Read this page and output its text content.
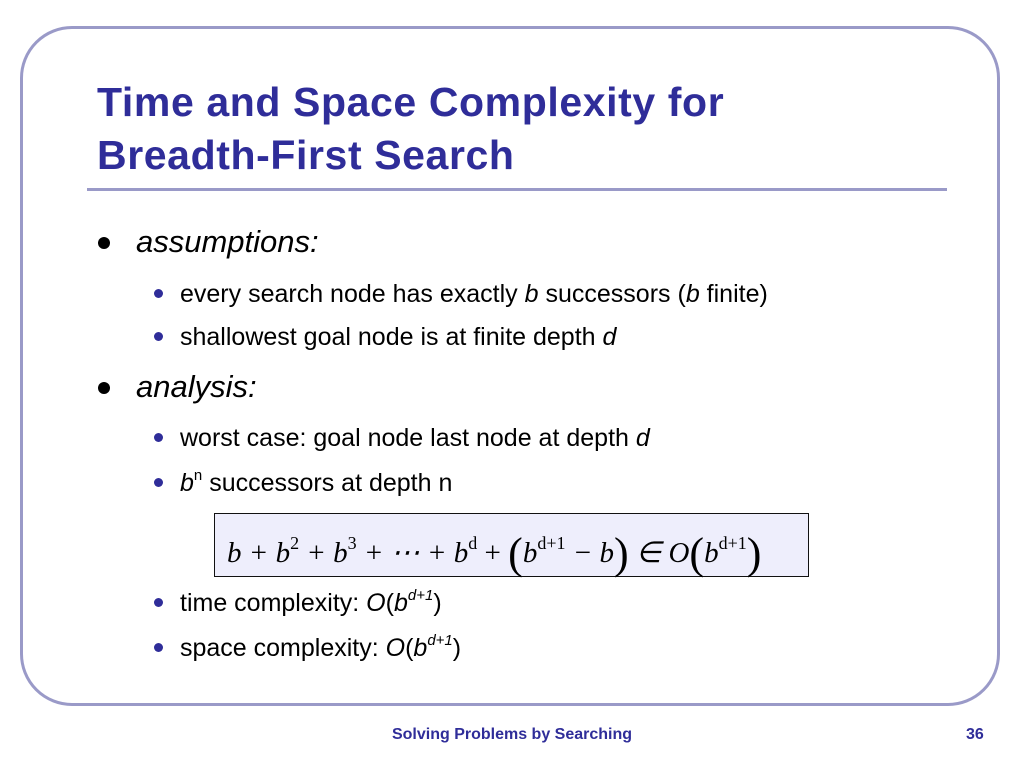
Time and Space Complexity for
Breadth-First Search
assumptions:
every search node has exactly b successors (b finite)
shallowest goal node is at finite depth d
analysis:
worst case: goal node last node at depth d
$b^n$ successors at depth n
$b + b^2 + b^3$ + ⋯ + $b^d + (b^{d+1} - b)$ ∈ $O(b^{d+1})$
time complexity: $O(b^{d+1})$
space complexity: $O(b^{d+1})$
Solving Problems by Searching	36
